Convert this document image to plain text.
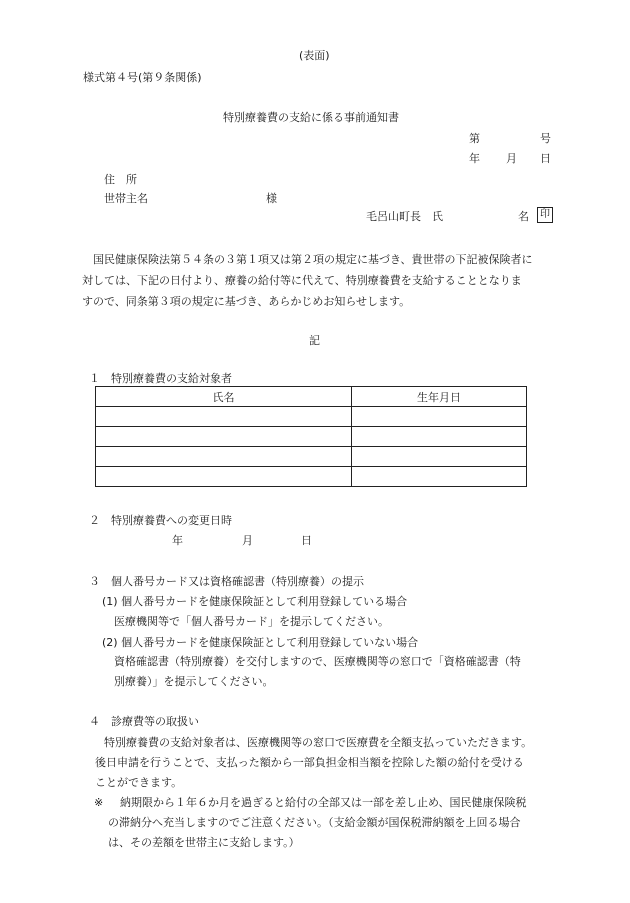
(表面)
様式第４号(第９条関係)
特別療養費の支給に係る事前通知書
第	号
年 月 日
住　所
世帯主名	様
毛呂山町長　氏	名	印
国民健康保険法第５４条の３第１項又は第２項の規定に基づき、貴世帯の下記被保険者に
対しては、下記の日付より、療養の給付等に代えて、特別療養費を支給することとなりま
すので、同条第３項の規定に基づき、あらかじめお知らせします。
記
１　特別療養費の支給対象者
氏名	生年月日

２　特別療養費への変更日時
年	月	日
３　個人番号カード又は資格確認書（特別療養）の提示
(1) 個人番号カードを健康保険証として利用登録している場合
医療機関等で「個人番号カード」を提示してください。
(2) 個人番号カードを健康保険証として利用登録していない場合
資格確認書（特別療養）を交付しますので、医療機関等の窓口で「資格確認書（特
別療養）」を提示してください。
４　診療費等の取扱い
特別療養費の支給対象者は、医療機関等の窓口で医療費を全額支払っていただきます。
後日申請を行うことで、支払った額から一部負担金相当額を控除した額の給付を受ける
ことができます。
※ 納期限から１年６か月を過ぎると給付の全部又は一部を差し止め、国民健康保険税
の滞納分へ充当しますのでご注意ください。（支給金額が国保税滞納額を上回る場合
は、その差額を世帯主に支給します。）
